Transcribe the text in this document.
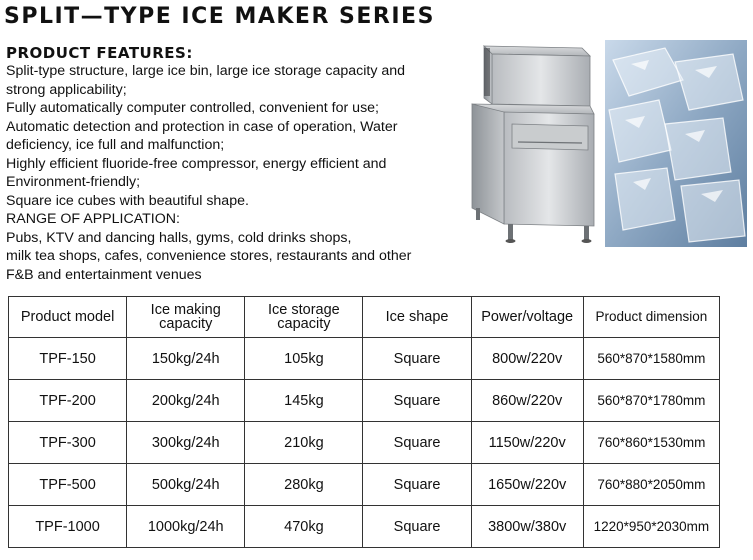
SPLIT—TYPE ICE MAKER SERIES
PRODUCT FEATURES:
Split-type structure, large ice bin, large ice storage capacity and
strong applicability;
Fully automatically computer controlled, convenient for use;
Automatic detection and protection in case of operation, Water
deficiency, ice full and malfunction;
Highly efficient fluoride-free compressor, energy efficient and
Environment-friendly;
Square ice cubes with beautiful shape.
RANGE OF APPLICATION:
Pubs, KTV and dancing halls, gyms, cold drinks shops,
milk tea shops, cafes, convenience stores, restaurants and other
F&B and entertainment venues
Product model	Ice making capacity	Ice storage capacity	Ice shape	Power/voltage	Product dimension
TPF-150	150kg/24h	105kg	Square	800w/220v	560*870*1580mm
TPF-200	200kg/24h	145kg	Square	860w/220v	560*870*1780mm
TPF-300	300kg/24h	210kg	Square	1150w/220v	760*860*1530mm
TPF-500	500kg/24h	280kg	Square	1650w/220v	760*880*2050mm
TPF-1000	1000kg/24h	470kg	Square	3800w/380v	1220*950*2030mm
